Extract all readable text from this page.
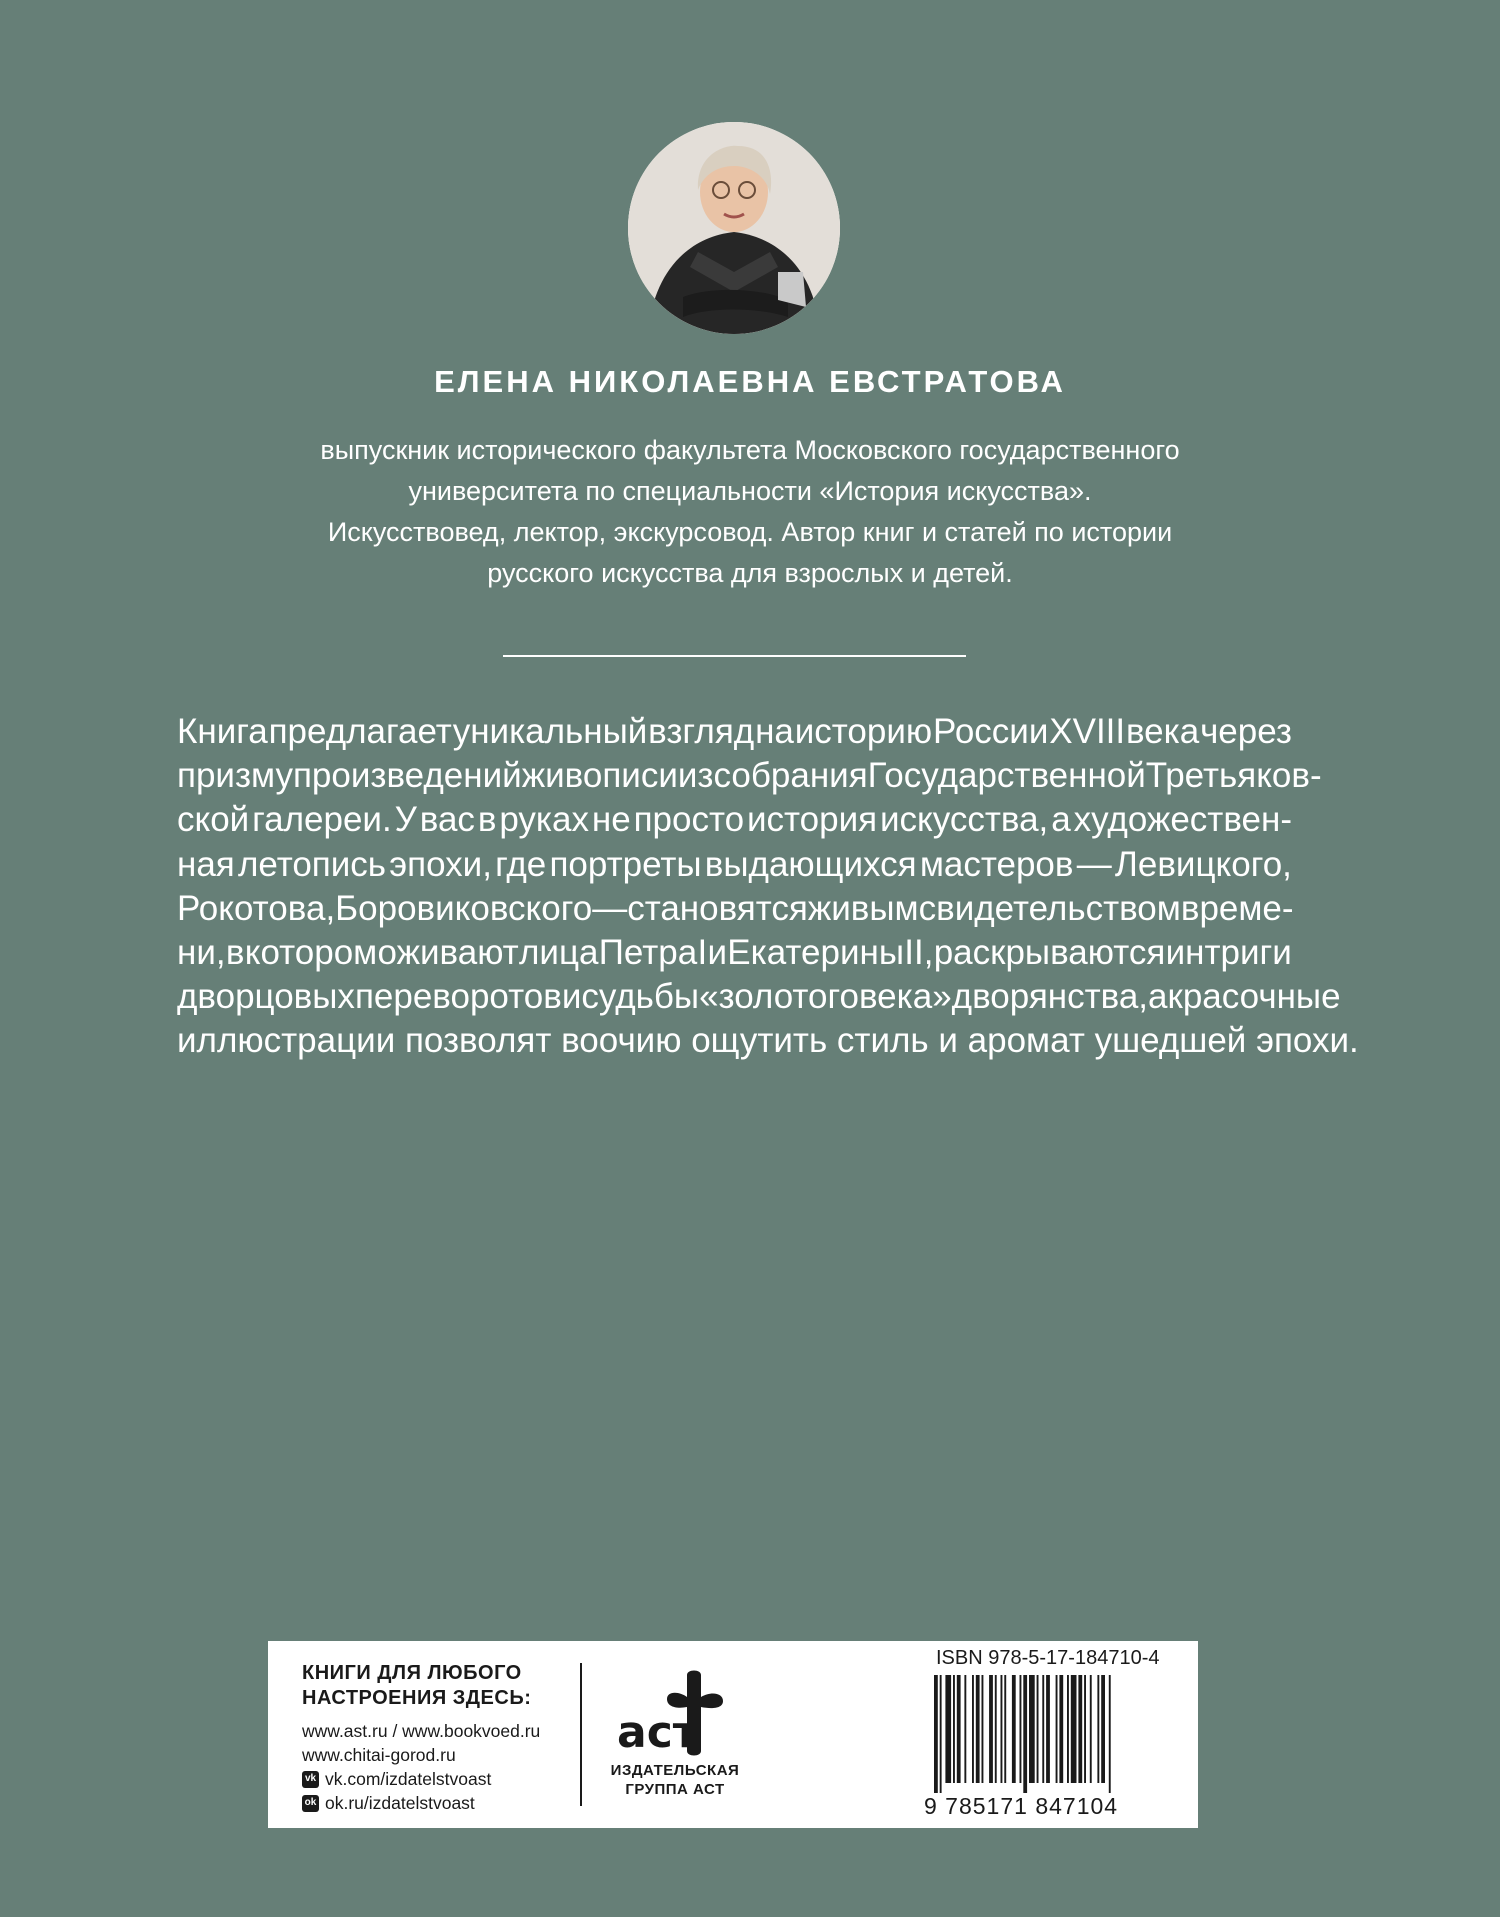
ЕЛЕНА НИКОЛАЕВНА ЕВСТРАТОВА
выпускник исторического факультета Московского государственного
университета по специальности «История искусства».
Искусствовед, лектор, экскурсовод. Автор книг и статей по истории
русского искусства для взрослых и детей.
Книга предлагает уникальный взгляд на историю России XVIII века через
призму произведений живописи из собрания Государственной Третьяков-
ской галереи. У вас в руках не просто история искусства, а художествен-
ная летопись эпохи, где портреты выдающихся мастеров — Левицкого,
Рокотова, Боровиковского — становятся живым свидетельством време-
ни, в котором оживают лица Петра I и Екатерины II, раскрываются интриги
дворцовых переворотов и судьбы «золотого века» дворянства, а красочные
иллюстрации позволят воочию ощутить стиль и аромат ушедшей эпохи.
КНИГИ ДЛЯ ЛЮБОГО
НАСТРОЕНИЯ ЗДЕСЬ:
www.ast.ru / www.bookvoed.ru
www.chitai-gorod.ru
vk vk.com/izdatelstvoast
ok ok.ru/izdatelstvoast
аст
ИЗДАТЕЛЬСКАЯ
ГРУППА АСТ
ISBN 978-5-17-184710-4
9 785171 847104
